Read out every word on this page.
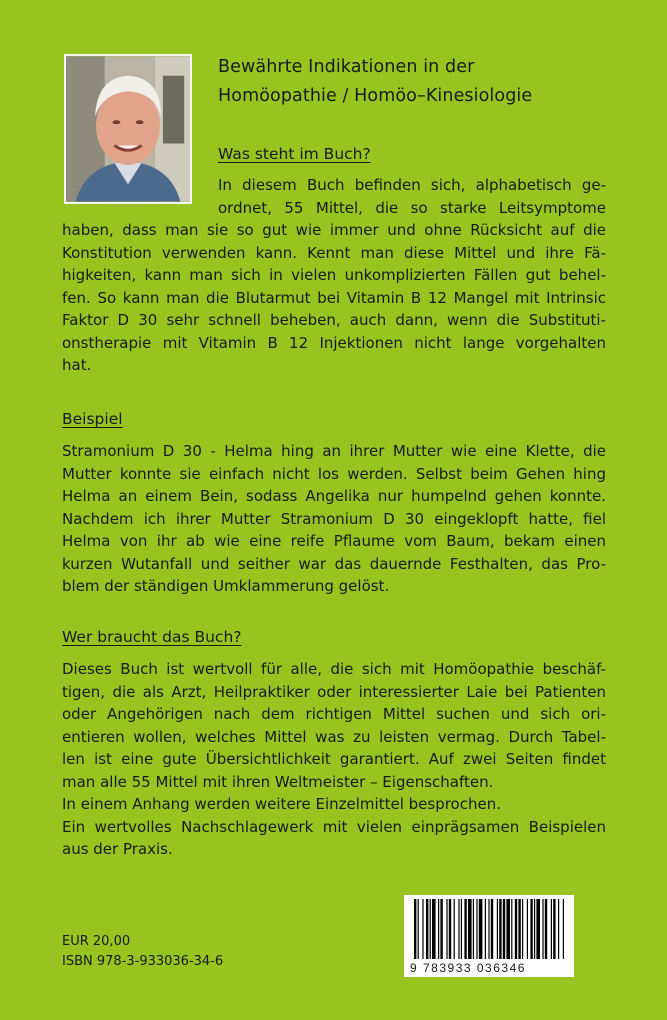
Bewährte Indikationen in der
Homöopathie / Homöo–Kinesiologie
Was steht im Buch?
In diesem Buch befinden sich, alphabetisch ge-
ordnet, 55 Mittel, die so starke Leitsymptome
haben, dass man sie so gut wie immer und ohne Rücksicht auf die
Konstitution verwenden kann. Kennt man diese Mittel und ihre Fä-
higkeiten, kann man sich in vielen unkomplizierten Fällen gut behel-
fen. So kann man die Blutarmut bei Vitamin B 12 Mangel mit Intrinsic
Faktor D 30 sehr schnell beheben, auch dann, wenn die Substituti-
onstherapie mit Vitamin B 12 Injektionen nicht lange vorgehalten
hat.
Beispiel
Stramonium D 30 - Helma hing an ihrer Mutter wie eine Klette, die
Mutter konnte sie einfach nicht los werden. Selbst beim Gehen hing
Helma an einem Bein, sodass Angelika nur humpelnd gehen konnte.
Nachdem ich ihrer Mutter Stramonium D 30 eingeklopft hatte, fiel
Helma von ihr ab wie eine reife Pflaume vom Baum, bekam einen
kurzen Wutanfall und seither war das dauernde Festhalten, das Pro-
blem der ständigen Umklammerung gelöst.
Wer braucht das Buch?
Dieses Buch ist wertvoll für alle, die sich mit Homöopathie beschäf-
tigen, die als Arzt, Heilpraktiker oder interessierter Laie bei Patienten
oder Angehörigen nach dem richtigen Mittel suchen und sich ori-
entieren wollen, welches Mittel was zu leisten vermag. Durch Tabel-
len ist eine gute Übersichtlichkeit garantiert. Auf zwei Seiten findet
man alle 55 Mittel mit ihren Weltmeister – Eigenschaften.
In einem Anhang werden weitere Einzelmittel besprochen.
Ein wertvolles Nachschlagewerk mit vielen einprägsamen Beispielen
aus der Praxis.
EUR 20,00
ISBN 978-3-933036-34-6	9 783933 036346
